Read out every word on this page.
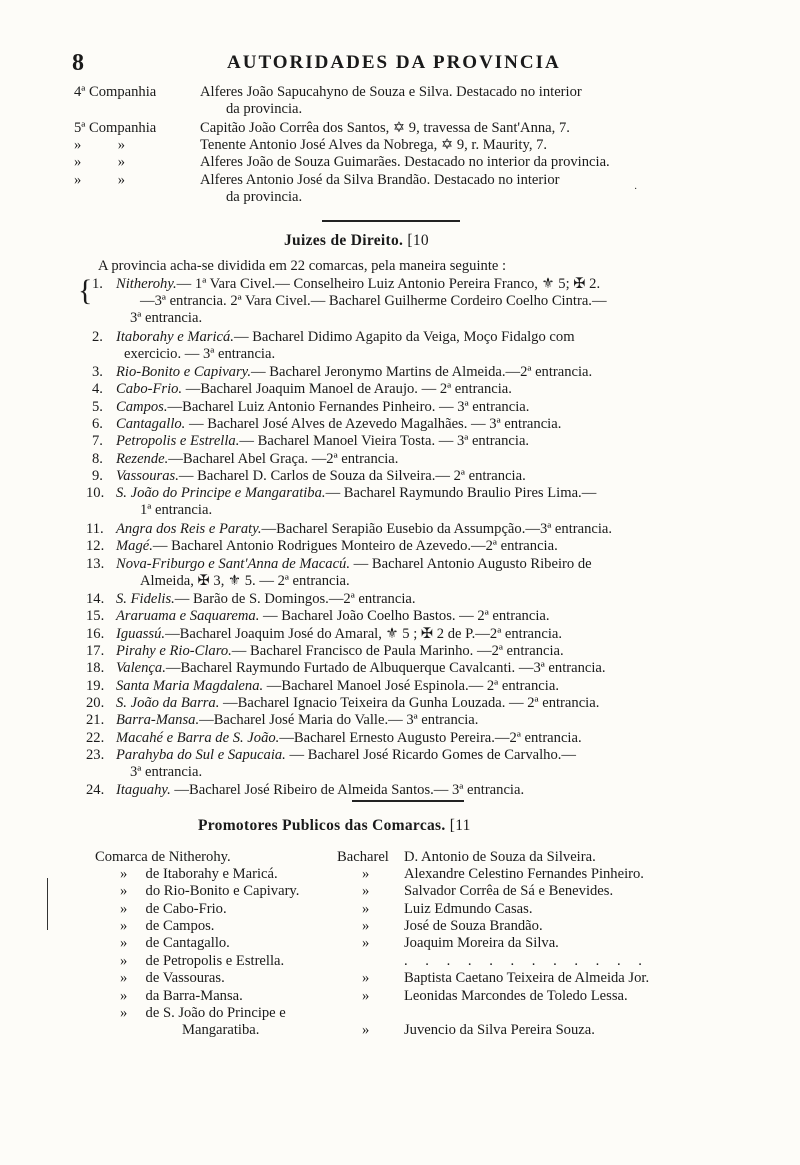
8	AUTORIDADES DA PROVINCIA
4ª Companhia	Alferes João Sapucahyno de Souza e Silva. Destacado no interior
da provincia.
5ª Companhia	Capitão João Corrêa dos Santos, ✡ 9, travessa de Sant'Anna, 7.
»          »	Tenente Antonio José Alves da Nobrega, ✡ 9, r. Maurity, 7.
»          »	Alferes João de Souza Guimarães. Destacado no interior da provincia.
»          »	Alferes Antonio José da Silva Brandão. Destacado no interior
da provincia.
Juizes de Direito. [10
A provincia acha-se dividida em 22 comarcas, pela maneira seguinte :
{ 1. Nitherohy.— 1ª Vara Civel.— Conselheiro Luiz Antonio Pereira Franco, ⚜ 5; ✠ 2.
—3ª entrancia. 2ª Vara Civel.— Bacharel Guilherme Cordeiro Coelho Cintra.—
3ª entrancia.
2. Itaborahy e Maricá.— Bacharel Didimo Agapito da Veiga, Moço Fidalgo com
exercicio. — 3ª entrancia.
3. Rio-Bonito e Capivary.— Bacharel Jeronymo Martins de Almeida.—2ª entrancia.
4. Cabo-Frio. —Bacharel Joaquim Manoel de Araujo. — 2ª entrancia.
5. Campos.—Bacharel Luiz Antonio Fernandes Pinheiro. — 3ª entrancia.
6. Cantagallo. — Bacharel José Alves de Azevedo Magalhães. — 3ª entrancia.
7. Petropolis e Estrella.— Bacharel Manoel Vieira Tosta. — 3ª entrancia.
8. Rezende.—Bacharel Abel Graça. —2ª entrancia.
9. Vassouras.— Bacharel D. Carlos de Souza da Silveira.— 2ª entrancia.
10. S. João do Principe e Mangaratiba.— Bacharel Raymundo Braulio Pires Lima.—
1ª entrancia.
11. Angra dos Reis e Paraty.—Bacharel Serapião Eusebio da Assumpção.—3ª entrancia.
12. Magé.— Bacharel Antonio Rodrigues Monteiro de Azevedo.—2ª entrancia.
13. Nova-Friburgo e Sant'Anna de Macacú. — Bacharel Antonio Augusto Ribeiro de
Almeida, ✠ 3, ⚜ 5. — 2ª entrancia.
14. S. Fidelis.— Barão de S. Domingos.—2ª entrancia.
15. Araruama e Saquarema. — Bacharel João Coelho Bastos. — 2ª entrancia.
16. Iguassú.—Bacharel Joaquim José do Amaral, ⚜ 5 ; ✠ 2 de P.—2ª entrancia.
17. Pirahy e Rio-Claro.— Bacharel Francisco de Paula Marinho. —2ª entrancia.
18. Valença.—Bacharel Raymundo Furtado de Albuquerque Cavalcanti. —3ª entrancia.
19. Santa Maria Magdalena. —Bacharel Manoel José Espinola.— 2ª entrancia.
20. S. João da Barra. —Bacharel Ignacio Teixeira da Gunha Louzada. — 2ª entrancia.
21. Barra-Mansa.—Bacharel José Maria do Valle.— 3ª entrancia.
22. Macahé e Barra de S. João.—Bacharel Ernesto Augusto Pereira.—2ª entrancia.
23. Parahyba do Sul e Sapucaia. — Bacharel José Ricardo Gomes de Carvalho.—
3ª entrancia.
24. Itaguahy. —Bacharel José Ribeiro de Almeida Santos.— 3ª entrancia.
Promotores Publicos das Comarcas. [11
Comarca de Nitherohy.	Bacharel D. Antonio de Souza da Silveira.
»     de Itaborahy e Maricá.	» Alexandre Celestino Fernandes Pinheiro.
»     do Rio-Bonito e Capivary.	» Salvador Corrêa de Sá e Benevides.
»     de Cabo-Frio.	» Luiz Edmundo Casas.
»     de Campos.	» José de Souza Brandão.
»     de Cantagallo.	» Joaquim Moreira da Silva.
»     de Petropolis e Estrella.	. . . . . . . . . . . .
»     de Vassouras.	» Baptista Caetano Teixeira de Almeida Jor.
»     da Barra-Mansa.	» Leonidas Marcondes de Toledo Lessa.
»     de S. João do Principe e
Mangaratiba.	» Juvencio da Silva Pereira Souza.
·
